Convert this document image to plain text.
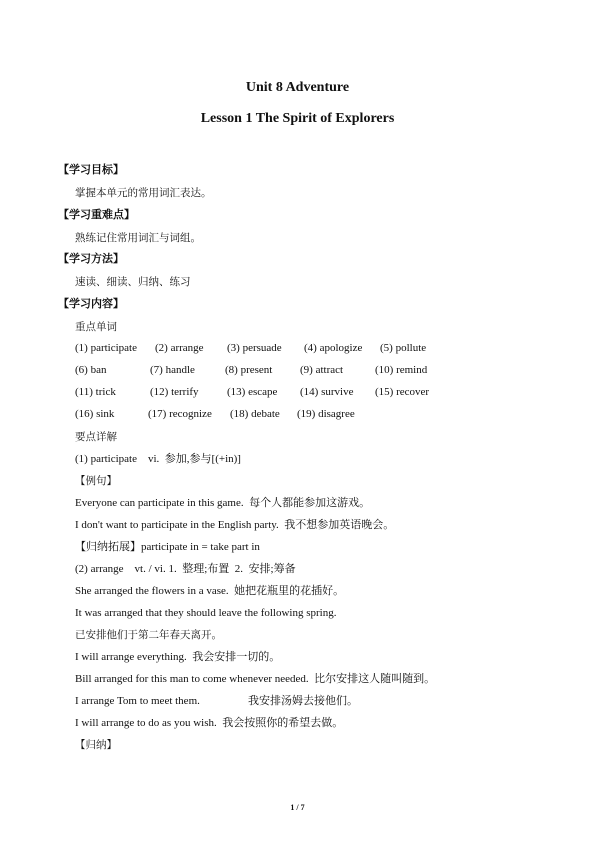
Unit 8 Adventure
Lesson 1 The Spirit of Explorers
【学习目标】
掌握本单元的常用词汇表达。
【学习重难点】
熟练记住常用词汇与词组。
【学习方法】
速读、细读、归纳、练习
【学习内容】
重点单词
(1) participate (2) arrange (3) persuade (4) apologize (5) pollute
(6) ban	(7) handle	(8) present	(9) attract	(10) remind
(11) trick	(12) terrify	(13) escape (14) survive (15) recover
(16) sink	(17) recognize (18) debate (19) disagree
要点详解
(1) participate    vi.  参加,参与[(+in)]
【例句】
Everyone can participate in this game.  每个人都能参加这游戏。
I don't want to participate in the English party.  我不想参加英语晚会。
【归纳拓展】participate in = take part in
(2) arrange    vt. / vi. 1.  整理;布置  2.  安排;筹备
She arranged the flowers in a vase.  她把花瓶里的花插好。
It was arranged that they should leave the following spring.
已安排他们于第二年春天离开。
I will arrange everything.  我会安排一切的。
Bill arranged for this man to come whenever needed.  比尔安排这人随叫随到。
I arrange Tom to meet them.	我安排汤姆去接他们。
I will arrange to do as you wish.  我会按照你的希望去做。
【归纳】
1 / 7
